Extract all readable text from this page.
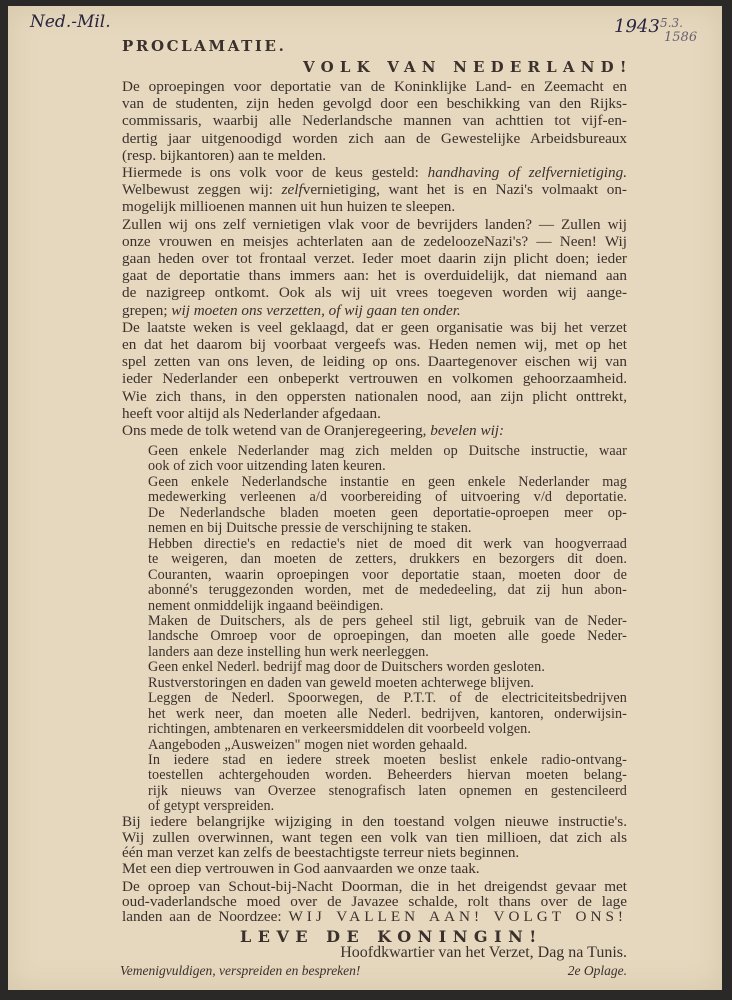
Ned.-Mil.	1943 5.3.
1586
PROCLAMATIE.
VOLK VAN NEDERLAND!
De oproepingen voor deportatie van de Koninklijke Land- en Zeemacht en
van de studenten, zijn heden gevolgd door een beschikking van den Rijks-
commissaris, waarbij alle Nederlandsche mannen van achttien tot vijf-en-
dertig jaar uitgenoodigd worden zich aan de Gewestelijke Arbeidsbureaux
(resp. bijkantoren) aan te melden.
Hiermede is ons volk voor de keus gesteld: handhaving of zelfvernietiging.
Welbewust zeggen wij: zelfvernietiging, want het is en Nazi's volmaakt on-
mogelijk millioenen mannen uit hun huizen te sleepen.
Zullen wij ons zelf vernietigen vlak voor de bevrijders landen? — Zullen wij
onze vrouwen en meisjes achterlaten aan de zedeloozeNazi's? — Neen! Wij
gaan heden over tot frontaal verzet. Ieder moet daarin zijn plicht doen; ieder
gaat de deportatie thans immers aan: het is overduidelijk, dat niemand aan
de nazigreep ontkomt. Ook als wij uit vrees toegeven worden wij aange-
grepen; wij moeten ons verzetten, of wij gaan ten onder.
De laatste weken is veel geklaagd, dat er geen organisatie was bij het verzet
en dat het daarom bij voorbaat vergeefs was. Heden nemen wij, met op het
spel zetten van ons leven, de leiding op ons. Daartegenover eischen wij van
ieder Nederlander een onbeperkt vertrouwen en volkomen gehoorzaamheid.
Wie zich thans, in den oppersten nationalen nood, aan zijn plicht onttrekt,
heeft voor altijd als Nederlander afgedaan.
Ons mede de tolk wetend van de Oranjeregeering, bevelen wij:
Geen enkele Nederlander mag zich melden op Duitsche instructie, waar
ook of zich voor uitzending laten keuren.
Geen enkele Nederlandsche instantie en geen enkele Nederlander mag
medewerking verleenen a/d voorbereiding of uitvoering v/d deportatie.
De Nederlandsche bladen moeten geen deportatie-oproepen meer op-
nemen en bij Duitsche pressie de verschijning te staken.
Hebben directie's en redactie's niet de moed dit werk van hoogverraad
te weigeren, dan moeten de zetters, drukkers en bezorgers dit doen.
Couranten, waarin oproepingen voor deportatie staan, moeten door de
abonné's teruggezonden worden, met de mededeeling, dat zij hun abon-
nement onmiddelijk ingaand beëindigen.
Maken de Duitschers, als de pers geheel stil ligt, gebruik van de Neder-
landsche Omroep voor de oproepingen, dan moeten alle goede Neder-
landers aan deze instelling hun werk neerleggen.
Geen enkel Nederl. bedrijf mag door de Duitschers worden gesloten.
Rustverstoringen en daden van geweld moeten achterwege blijven.
Leggen de Nederl. Spoorwegen, de P.T.T. of de electriciteitsbedrijven
het werk neer, dan moeten alle Nederl. bedrijven, kantoren, onderwijsin-
richtingen, ambtenaren en verkeersmiddelen dit voorbeeld volgen.
Aangeboden „Ausweizen" mogen niet worden gehaald.
In iedere stad en iedere streek moeten beslist enkele radio-ontvang-
toestellen achtergehouden worden. Beheerders hiervan moeten belang-
rijk nieuws van Overzee stenografisch laten opnemen en gestencileerd
of getypt verspreiden.
Bij iedere belangrijke wijziging in den toestand volgen nieuwe instructie's.
Wij zullen overwinnen, want tegen een volk van tien millioen, dat zich als
één man verzet kan zelfs de beestachtigste terreur niets beginnen.
Met een diep vertrouwen in God aanvaarden we onze taak.
De oproep van Schout-bij-Nacht Doorman, die in het dreigendst gevaar met
oud-vaderlandsche moed over de Javazee schalde, rolt thans over de lage
landen aan de Noordzee: WIJ VALLEN AAN! VOLGT ONS!
LEVE DE KONINGIN!
Hoofdkwartier van het Verzet, Dag na Tunis.
Vemenigvuldigen, verspreiden en bespreken!	2e Oplage.
